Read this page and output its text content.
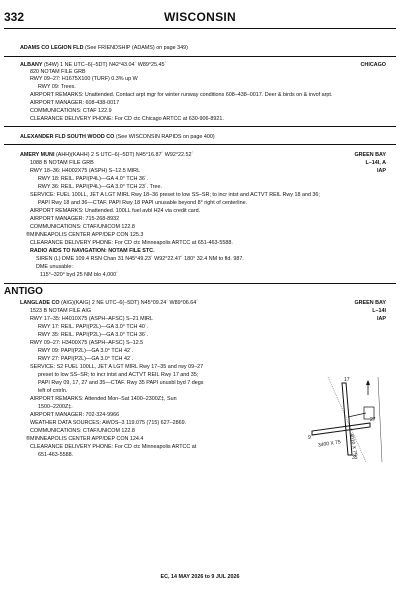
332	WISCONSIN
ADAMS CO LEGION FLD (See FRIENDSHIP (ADAMS) on page 349)
ALBANY (54W) 1 NE UTC–6(–5DT) N42°43.04´ W89°25.45´	CHICAGO
820 NOTAM FILE GRB
RWY 09–27: H1675X100 (TURF) 0.3% up W
RWY 09: Trees.
AIRPORT REMARKS: Unattended. Contact arpt mgr for winter runway conditions 608–438–0017. Deer & birds on & invof arpt.
AIRPORT MANAGER: 608-438-0017
COMMUNICATIONS: CTAF 122.9
CLEARANCE DELIVERY PHONE: For CD ctc Chicago ARTCC at 630-906-8921.
ALEXANDER FLD SOUTH WOOD CO (See WISCONSIN RAPIDS on page 400)
AMERY MUNI (AHH)(KAHH) 2 S UTC–6(–5DT) N45°16.87´ W92°22.52´	GREEN BAY
L–14I, A
IAP
1088 B NOTAM FILE GRB
RWY 18–36: H4002X75 (ASPH) S–12.5 MIRL
RWY 18: REIL. PAPI(P4L)—GA 4.0° TCH 36´.
RWY 36: REIL. PAPI(P4L)—GA 3.0° TCH 23´. Tree.
SERVICE: FUEL 100LL, JET A LGT MIRL Rwy 18–36 preset to low SS–SR; to incr intst and ACTVT REIL Rwy 18 and 36;
PAPI Rwy 18 and 36—CTAF. PAPI Rwy 18 PAPI unusable beyond 8° right of centerline.
AIRPORT REMARKS: Unattended. 100LL fuel avbl H24 via credit card.
AIRPORT MANAGER: 715-268-8932
COMMUNICATIONS: CTAF/UNICOM 122.8
®MINNEAPOLIS CENTER APP/DEP CON 125.3
CLEARANCE DELIVERY PHONE: For CD ctc Minneapolis ARTCC at 651-463-5588.
RADIO AIDS TO NAVIGATION: NOTAM FILE STC.
SIREN (L) DME 109.4 RSN Chan 31 N45°49.23´ W92°22.47´ 180° 32.4 NM to fld. 987.
DME unusable:
115°–320° byd 25 NM blo 4,000´
ANTIGO
LANGLADE CO (AIG)(KAIG) 2 NE UTC–6(–5DT) N45°09.24´ W89°06.64´	GREEN BAY
L–14I
IAP
1523 B NOTAM FILE AIG
RWY 17–35: H4010X75 (ASPH–AFSC) S–21 MIRL
RWY 17: REIL. PAPI(P2L)—GA 3.0° TCH 40´.
RWY 35: REIL. PAPI(P2L)—GA 3.0° TCH 36´.
RWY 09–27: H3400X75 (ASPH–AFSC) S–12.5
RWY 09: PAPI(P2L)—GA 3.0° TCH 42´.
RWY 27: PAPI(P2L)—GA 3.0° TCH 42´.
SERVICE: S2 FUEL 100LL, JET A LGT MIRL Rwy 17–35 and rwy 09–27
preset to low SS–SR; to incr intst and ACTVT REIL Rwy 17 and 35;
PAPI Rwy 09, 17, 27 and 35—CTAF. Rwy 35 PAPI unusbl byd 7 degs
left of cntrln.
AIRPORT REMARKS: Attended Mon–Sat 1400–2300Z‡, Sun
1500–2200Z‡.
AIRPORT MANAGER: 702-324-9966
WEATHER DATA SOURCES: AWOS–3 119.075 (715) 627–2869.
COMMUNICATIONS: CTAF/UNICOM 122.8
®MINNEAPOLIS CENTER APP/DEP CON 124.4
CLEARANCE DELIVERY PHONE: For CD ctc Minneapolis ARTCC at
651-463-5588.
17
35
9
27
4010 X 75
3400 X 75
EC, 14 MAY 2026 to 9 JUL 2026
